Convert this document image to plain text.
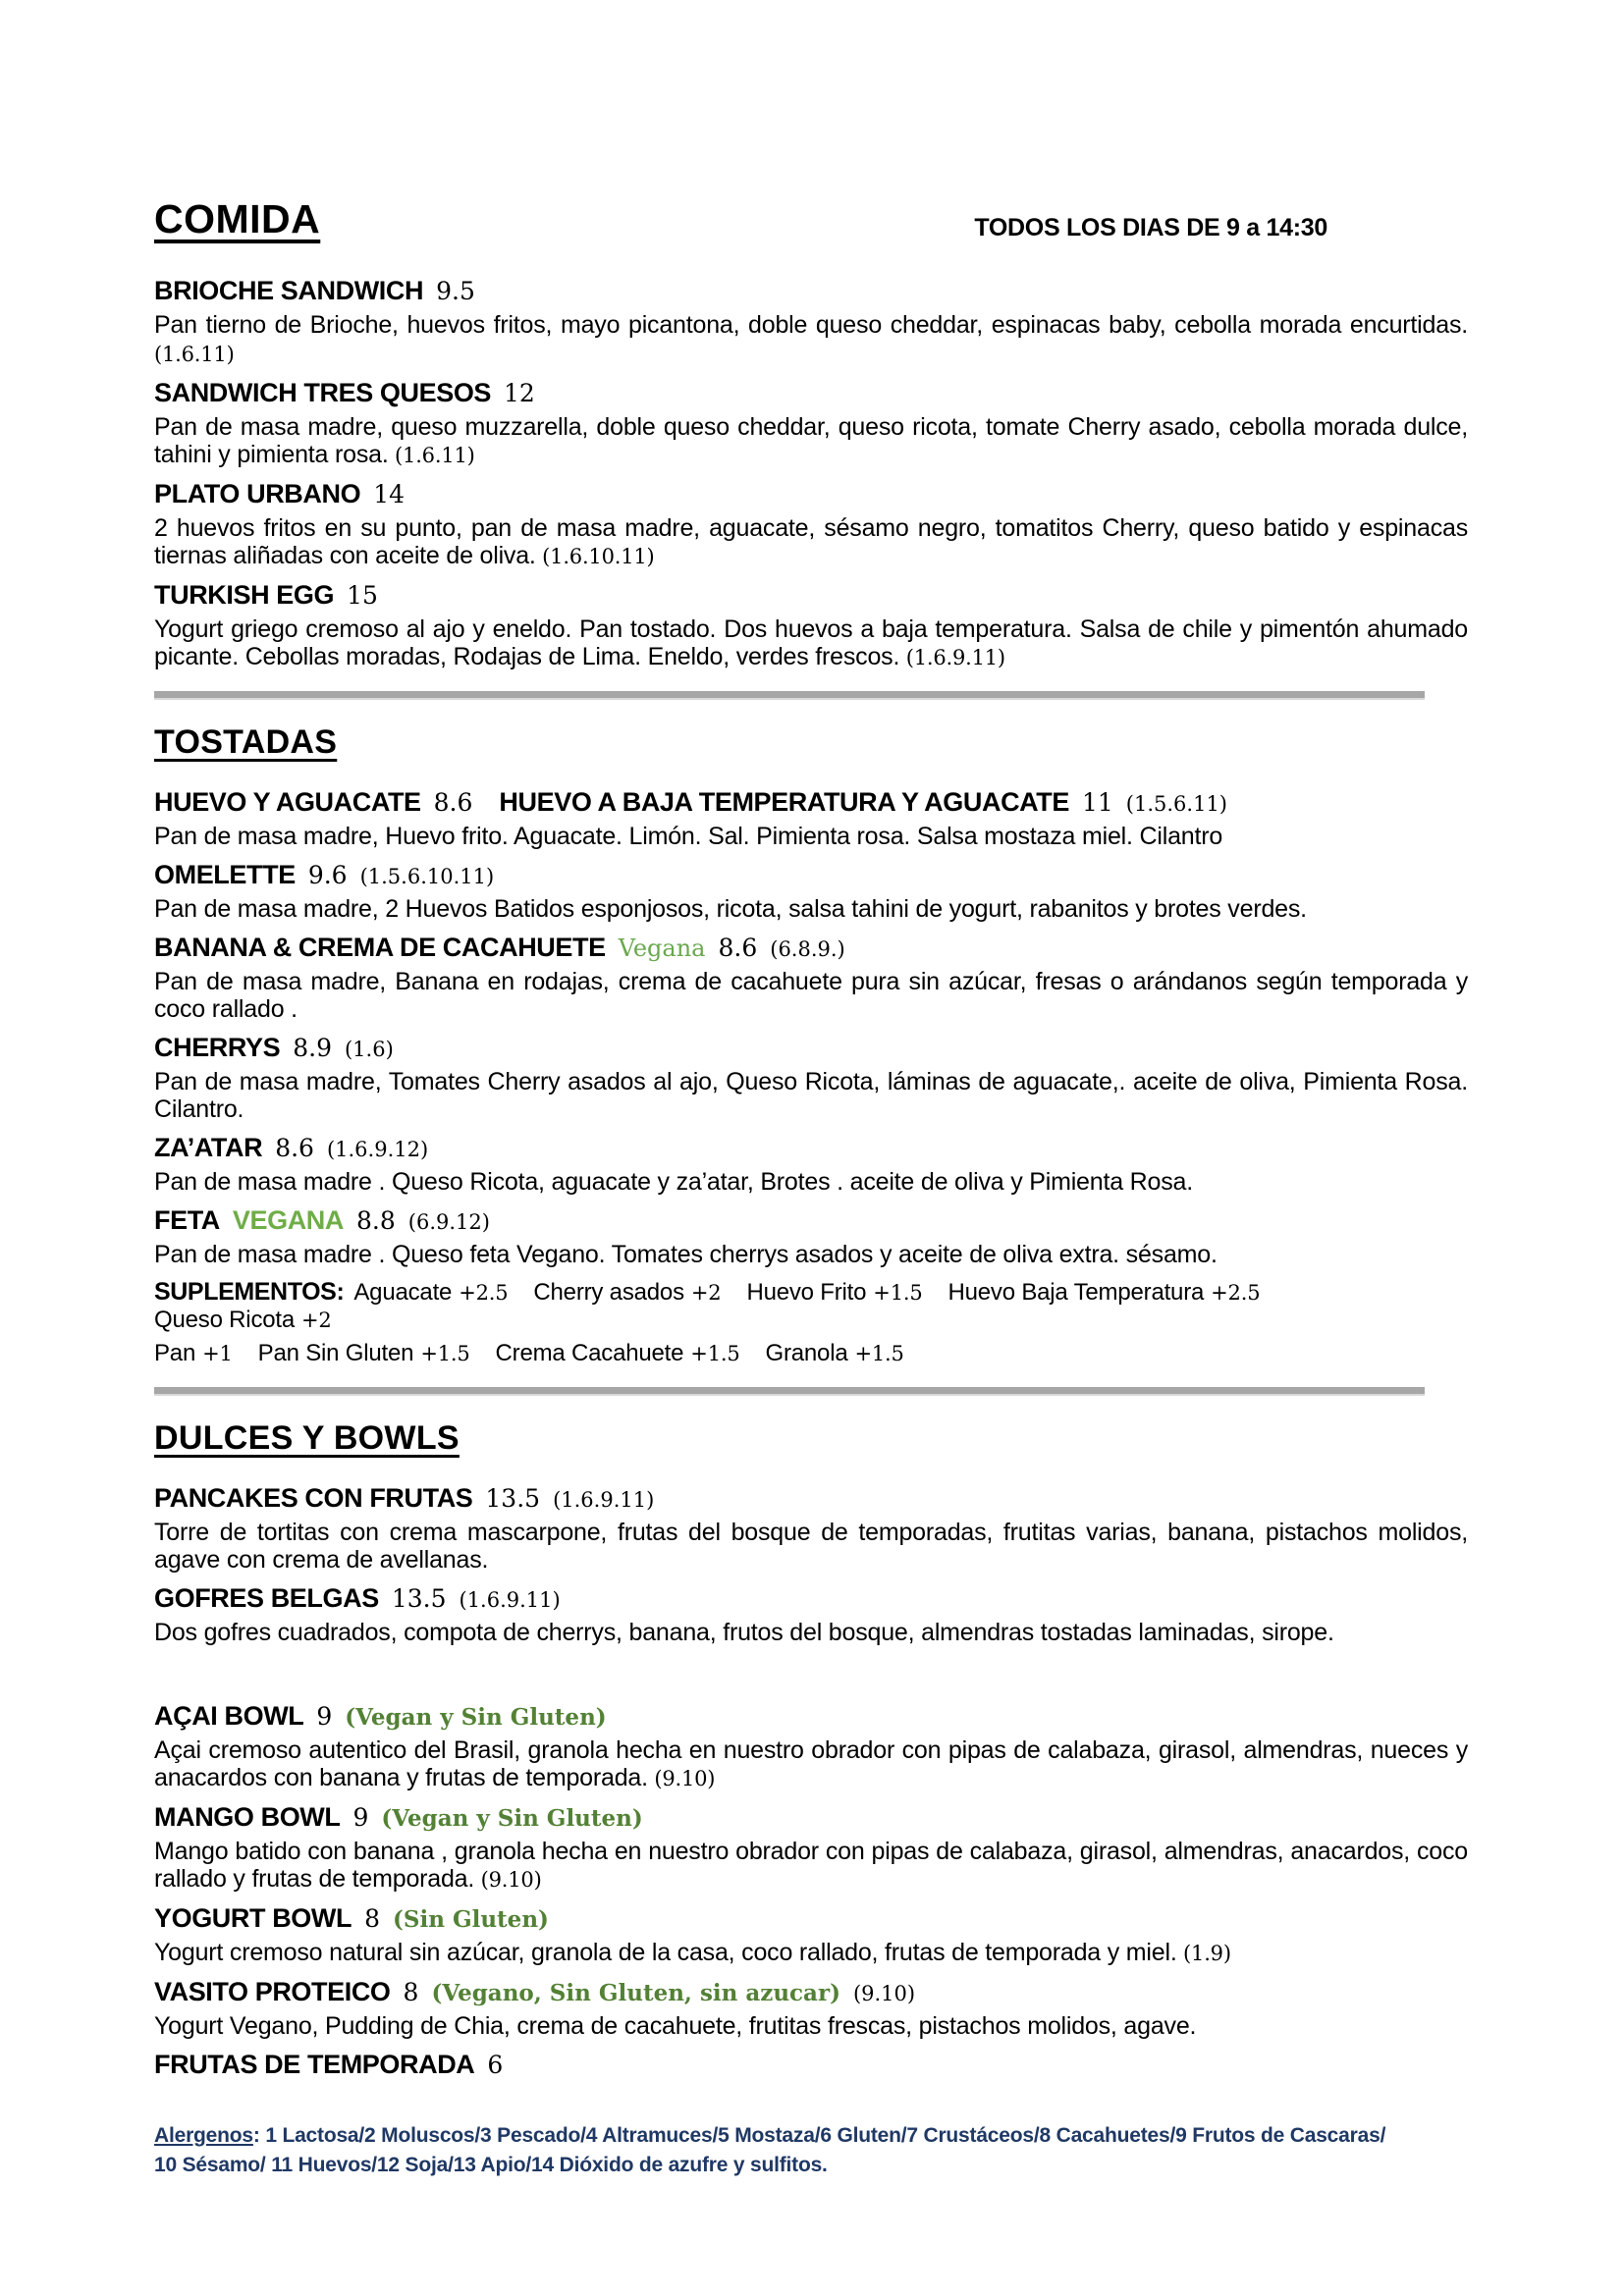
COMIDA	TODOS LOS DIAS DE 9 a 14:30
BRIOCHE SANDWICH 9.5

Pan tierno de Brioche, huevos fritos, mayo picantona, doble queso cheddar, espinacas baby, cebolla morada encurtidas. (1.6.11)

SANDWICH TRES QUESOS 12

Pan de masa madre, queso muzzarella, doble queso cheddar, queso ricota, tomate Cherry asado, cebolla morada dulce, tahini y pimienta rosa. (1.6.11)

PLATO URBANO 14

2 huevos fritos en su punto, pan de masa madre, aguacate, sésamo negro, tomatitos Cherry, queso batido y espinacas tiernas aliñadas con aceite de oliva. (1.6.10.11)

TURKISH EGG 15

Yogurt griego cremoso al ajo y eneldo. Pan tostado. Dos huevos a baja temperatura. Salsa de chile y pimentón ahumado picante. Cebollas moradas, Rodajas de Lima. Eneldo, verdes frescos. (1.6.9.11)

TOSTADAS

HUEVO Y AGUACATE 8.6 HUEVO A BAJA TEMPERATURA Y AGUACATE 11 (1.5.6.11)

Pan de masa madre, Huevo frito. Aguacate. Limón. Sal. Pimienta rosa. Salsa mostaza miel. Cilantro

OMELETTE 9.6 (1.5.6.10.11)

Pan de masa madre, 2 Huevos Batidos esponjosos, ricota, salsa tahini de yogurt, rabanitos y brotes verdes.

BANANA & CREMA DE CACAHUETE Vegana 8.6 (6.8.9.)

Pan de masa madre, Banana en rodajas, crema de cacahuete pura sin azúcar, fresas o arándanos según temporada y coco rallado .

CHERRYS 8.9 (1.6)

Pan de masa madre, Tomates Cherry asados al ajo, Queso Ricota, láminas de aguacate,. aceite de oliva, Pimienta Rosa. Cilantro.

ZA’ATAR 8.6 (1.6.9.12)

Pan de masa madre . Queso Ricota, aguacate y za’atar, Brotes . aceite de oliva y Pimienta Rosa.

FETA VEGANA 8.8 (6.9.12)

Pan de masa madre . Queso feta Vegano. Tomates cherrys asados y aceite de oliva extra. sésamo.

SUPLEMENTOS: Aguacate +2.5 Cherry asados +2 Huevo Frito +1.5 Huevo Baja Temperatura +2.5Queso Ricota +2

Pan +1 Pan Sin Gluten +1.5 Crema Cacahuete +1.5 Granola +1.5

DULCES Y BOWLS

PANCAKES CON FRUTAS 13.5 (1.6.9.11)

Torre de tortitas con crema mascarpone, frutas del bosque de temporadas, frutitas varias, banana, pistachos molidos, agave con crema de avellanas.

GOFRES BELGAS 13.5 (1.6.9.11)

Dos gofres cuadrados, compota de cherrys, banana, frutos del bosque, almendras tostadas laminadas, sirope.

AÇAI BOWL 9 (Vegan y Sin Gluten)

Açai cremoso autentico del Brasil, granola hecha en nuestro obrador con pipas de calabaza, girasol, almendras, nueces y anacardos con banana y frutas de temporada. (9.10)

MANGO BOWL 9 (Vegan y Sin Gluten)

Mango batido con banana , granola hecha en nuestro obrador con pipas de calabaza, girasol, almendras, anacardos, coco rallado y frutas de temporada. (9.10)

YOGURT BOWL 8 (Sin Gluten)

Yogurt cremoso natural sin azúcar, granola de la casa, coco rallado, frutas de temporada y miel. (1.9)

VASITO PROTEICO 8 (Vegano, Sin Gluten, sin azucar) (9.10)

Yogurt Vegano, Pudding de Chia, crema de cacahuete, frutitas frescas, pistachos molidos, agave.

FRUTAS DE TEMPORADA 6

Alergenos: 1 Lactosa/2 Moluscos/3 Pescado/4 Altramuces/5 Mostaza/6 Gluten/7 Crustáceos/8 Cacahuetes/9 Frutos de Cascaras/
10 Sésamo/ 11 Huevos/12 Soja/13 Apio/14 Dióxido de azufre y sulfitos.
